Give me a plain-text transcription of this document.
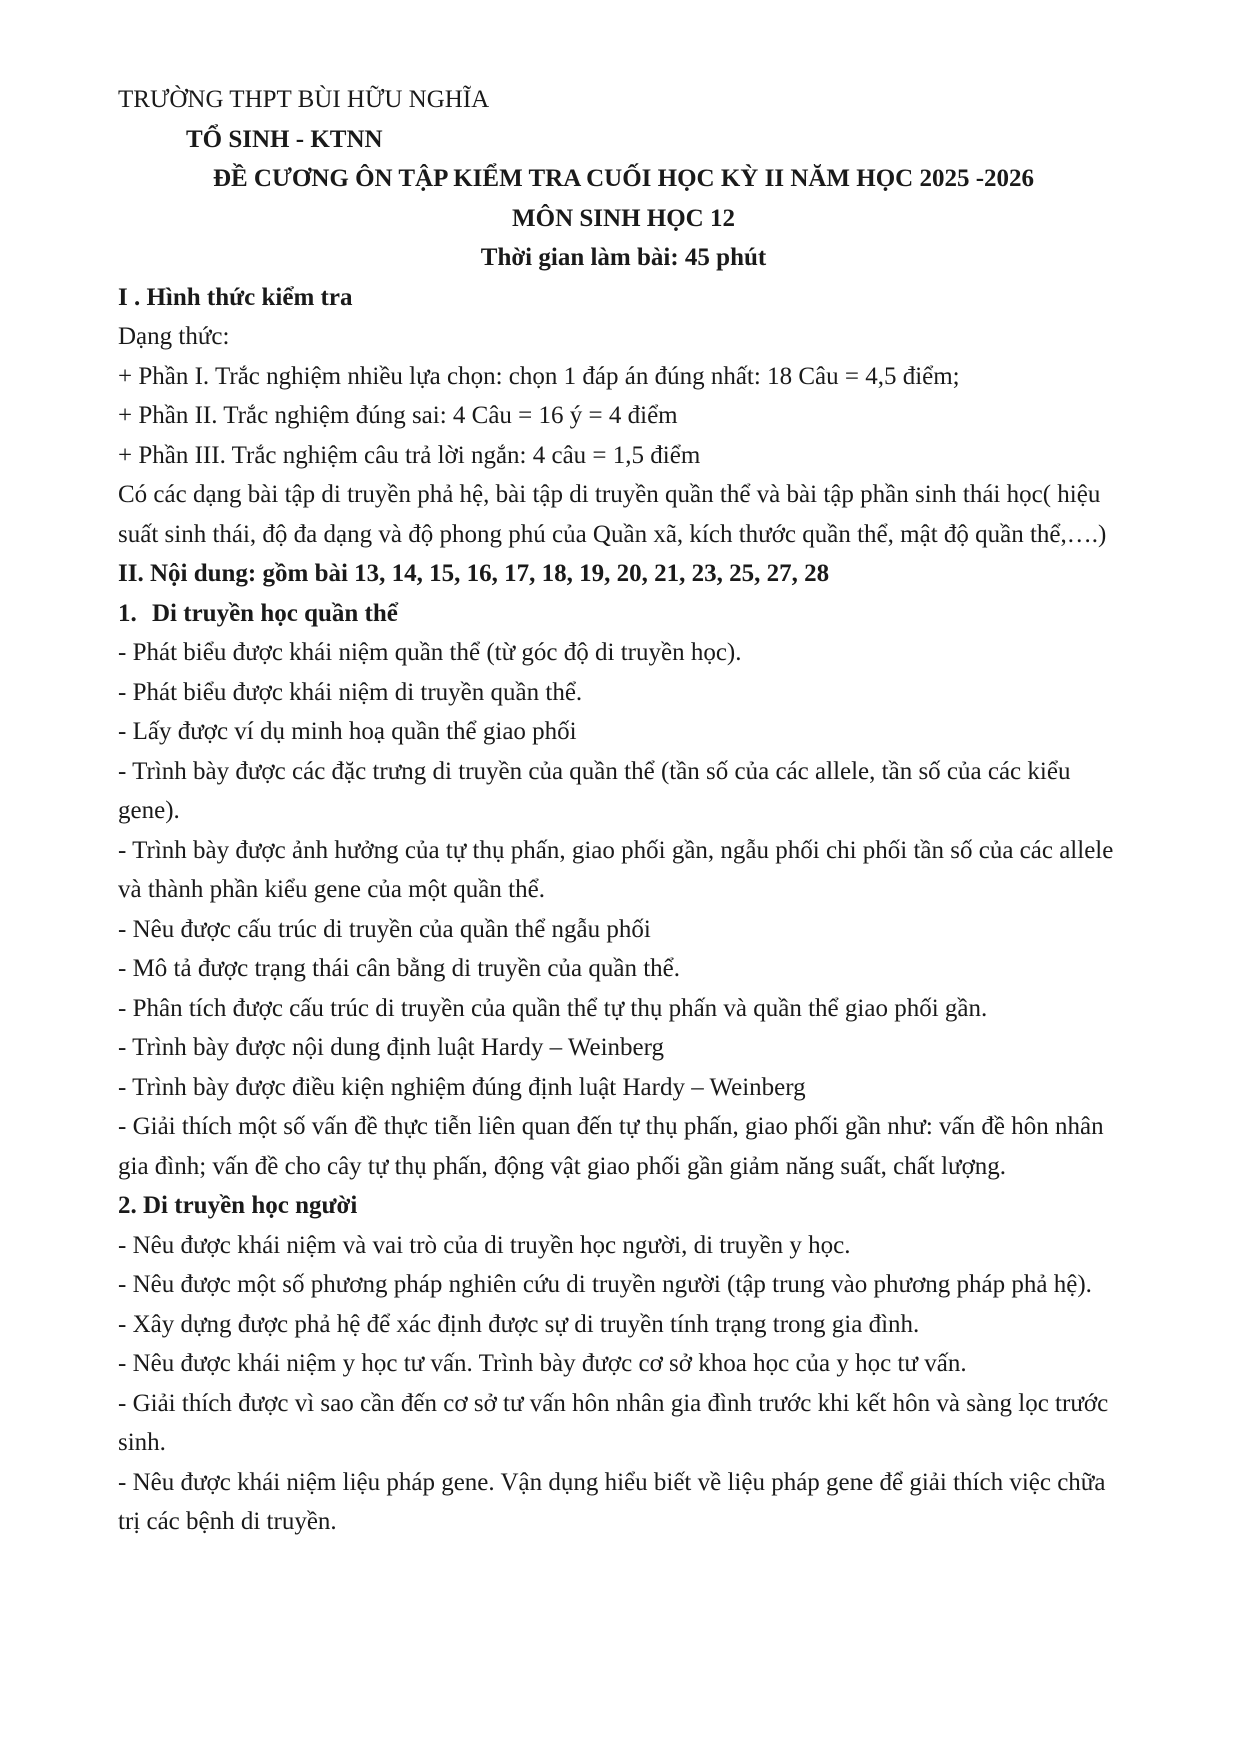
TRƯỜNG THPT BÙI HỮU NGHĨA

TỔ SINH - KTNN

ĐỀ CƯƠNG ÔN TẬP KIỂM TRA CUỐI HỌC KỲ II NĂM HỌC 2025 -2026

MÔN SINH HỌC 12

Thời gian làm bài: 45 phút

I . Hình thức kiểm tra

Dạng thức:

+ Phần I. Trắc nghiệm nhiều lựa chọn: chọn 1 đáp án đúng nhất: 18 Câu = 4,5 điểm;
+ Phần II. Trắc nghiệm đúng sai: 4 Câu = 16 ý = 4 điểm
+ Phần III. Trắc nghiệm câu trả lời ngắn: 4 câu = 1,5 điểm

Có các dạng bài tập di truyền phả hệ, bài tập di truyền quần thể và bài tập phần sinh thái học( hiệu suất sinh thái, độ đa dạng và độ phong phú của Quần xã, kích thước quần thể, mật độ quần thể,….)

II. Nội dung: gồm bài 13, 14, 15, 16, 17, 18, 19, 20, 21, 23, 25, 27, 28

1. Di truyền học quần thể

- Phát biểu được khái niệm quần thể (từ góc độ di truyền học).
- Phát biểu được khái niệm di truyền quần thể.
- Lấy được ví dụ minh hoạ quần thể giao phối
- Trình bày được các đặc trưng di truyền của quần thể (tần số của các allele, tần số của các kiểu gene).
- Trình bày được ảnh hưởng của tự thụ phấn, giao phối gần, ngẫu phối chi phối tần số của các allele và thành phần kiểu gene của một quần thể.
- Nêu được cấu trúc di truyền của quần thể ngẫu phối
- Mô tả được trạng thái cân bằng di truyền của quần thể.
- Phân tích được cấu trúc di truyền của quần thể tự thụ phấn và quần thể giao phối gần.
- Trình bày được nội dung định luật Hardy – Weinberg
- Trình bày được điều kiện nghiệm đúng định luật Hardy – Weinberg
- Giải thích một số vấn đề thực tiễn liên quan đến tự thụ phấn, giao phối gần như: vấn đề hôn nhân gia đình; vấn đề cho cây tự thụ phấn, động vật giao phối gần giảm năng suất, chất lượng.

2. Di truyền học người

- Nêu được khái niệm và vai trò của di truyền học người, di truyền y học.
- Nêu được một số phương pháp nghiên cứu di truyền người (tập trung vào phương pháp phả hệ).
- Xây dựng được phả hệ để xác định được sự di truyền tính trạng trong gia đình.
- Nêu được khái niệm y học tư vấn. Trình bày được cơ sở khoa học của y học tư vấn.
- Giải thích được vì sao cần đến cơ sở tư vấn hôn nhân gia đình trước khi kết hôn và sàng lọc trước sinh.
- Nêu được khái niệm liệu pháp gene. Vận dụng hiểu biết về liệu pháp gene để giải thích việc chữa trị các bệnh di truyền.
